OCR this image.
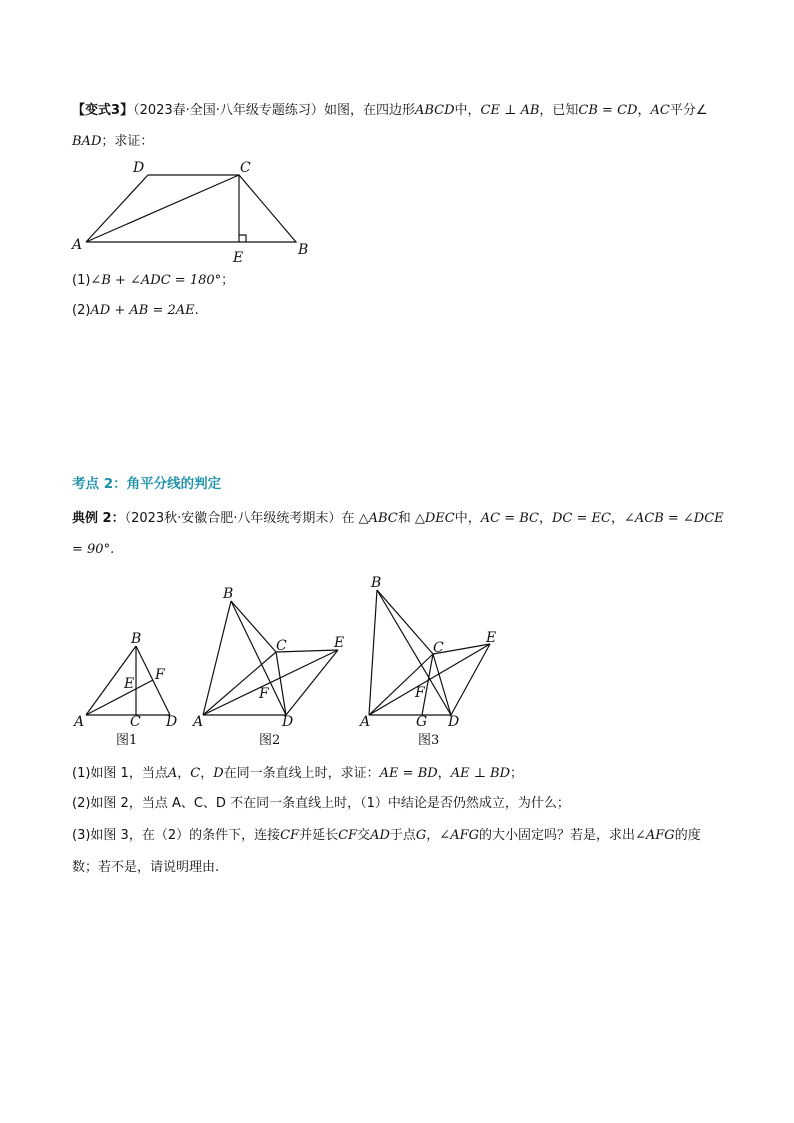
【变式3】（2023春·全国·八年级专题练习）如图，在四边形ABCD中，CE ⊥ AB，已知CB = CD，AC平分∠
BAD；求证：
D	C
A
E	B
(1)∠B + ∠ADC = 180°；
(2)AD + AB = 2AE.
考点 2：角平分线的判定
典例 2：（2023秋·安徽合肥·八年级统考期末）在 △ABC和 △DEC中，AC = BC，DC = EC，∠ACB = ∠DCE
= 90°.
B
F
E
A	C D
图1
B
C	E
F
A	D
图2
B
C
E
F
A	G D
图3
(1)如图 1，当点A，C，D在同一条直线上时，求证：AE = BD，AE ⊥ BD；
(2)如图 2，当点 A、C、D 不在同一条直线上时，（1）中结论是否仍然成立，为什么；
(3)如图 3，在（2）的条件下，连接CF并延长CF交AD于点G，∠AFG的大小固定吗？若是，求出∠AFG的度
数；若不是，请说明理由.
